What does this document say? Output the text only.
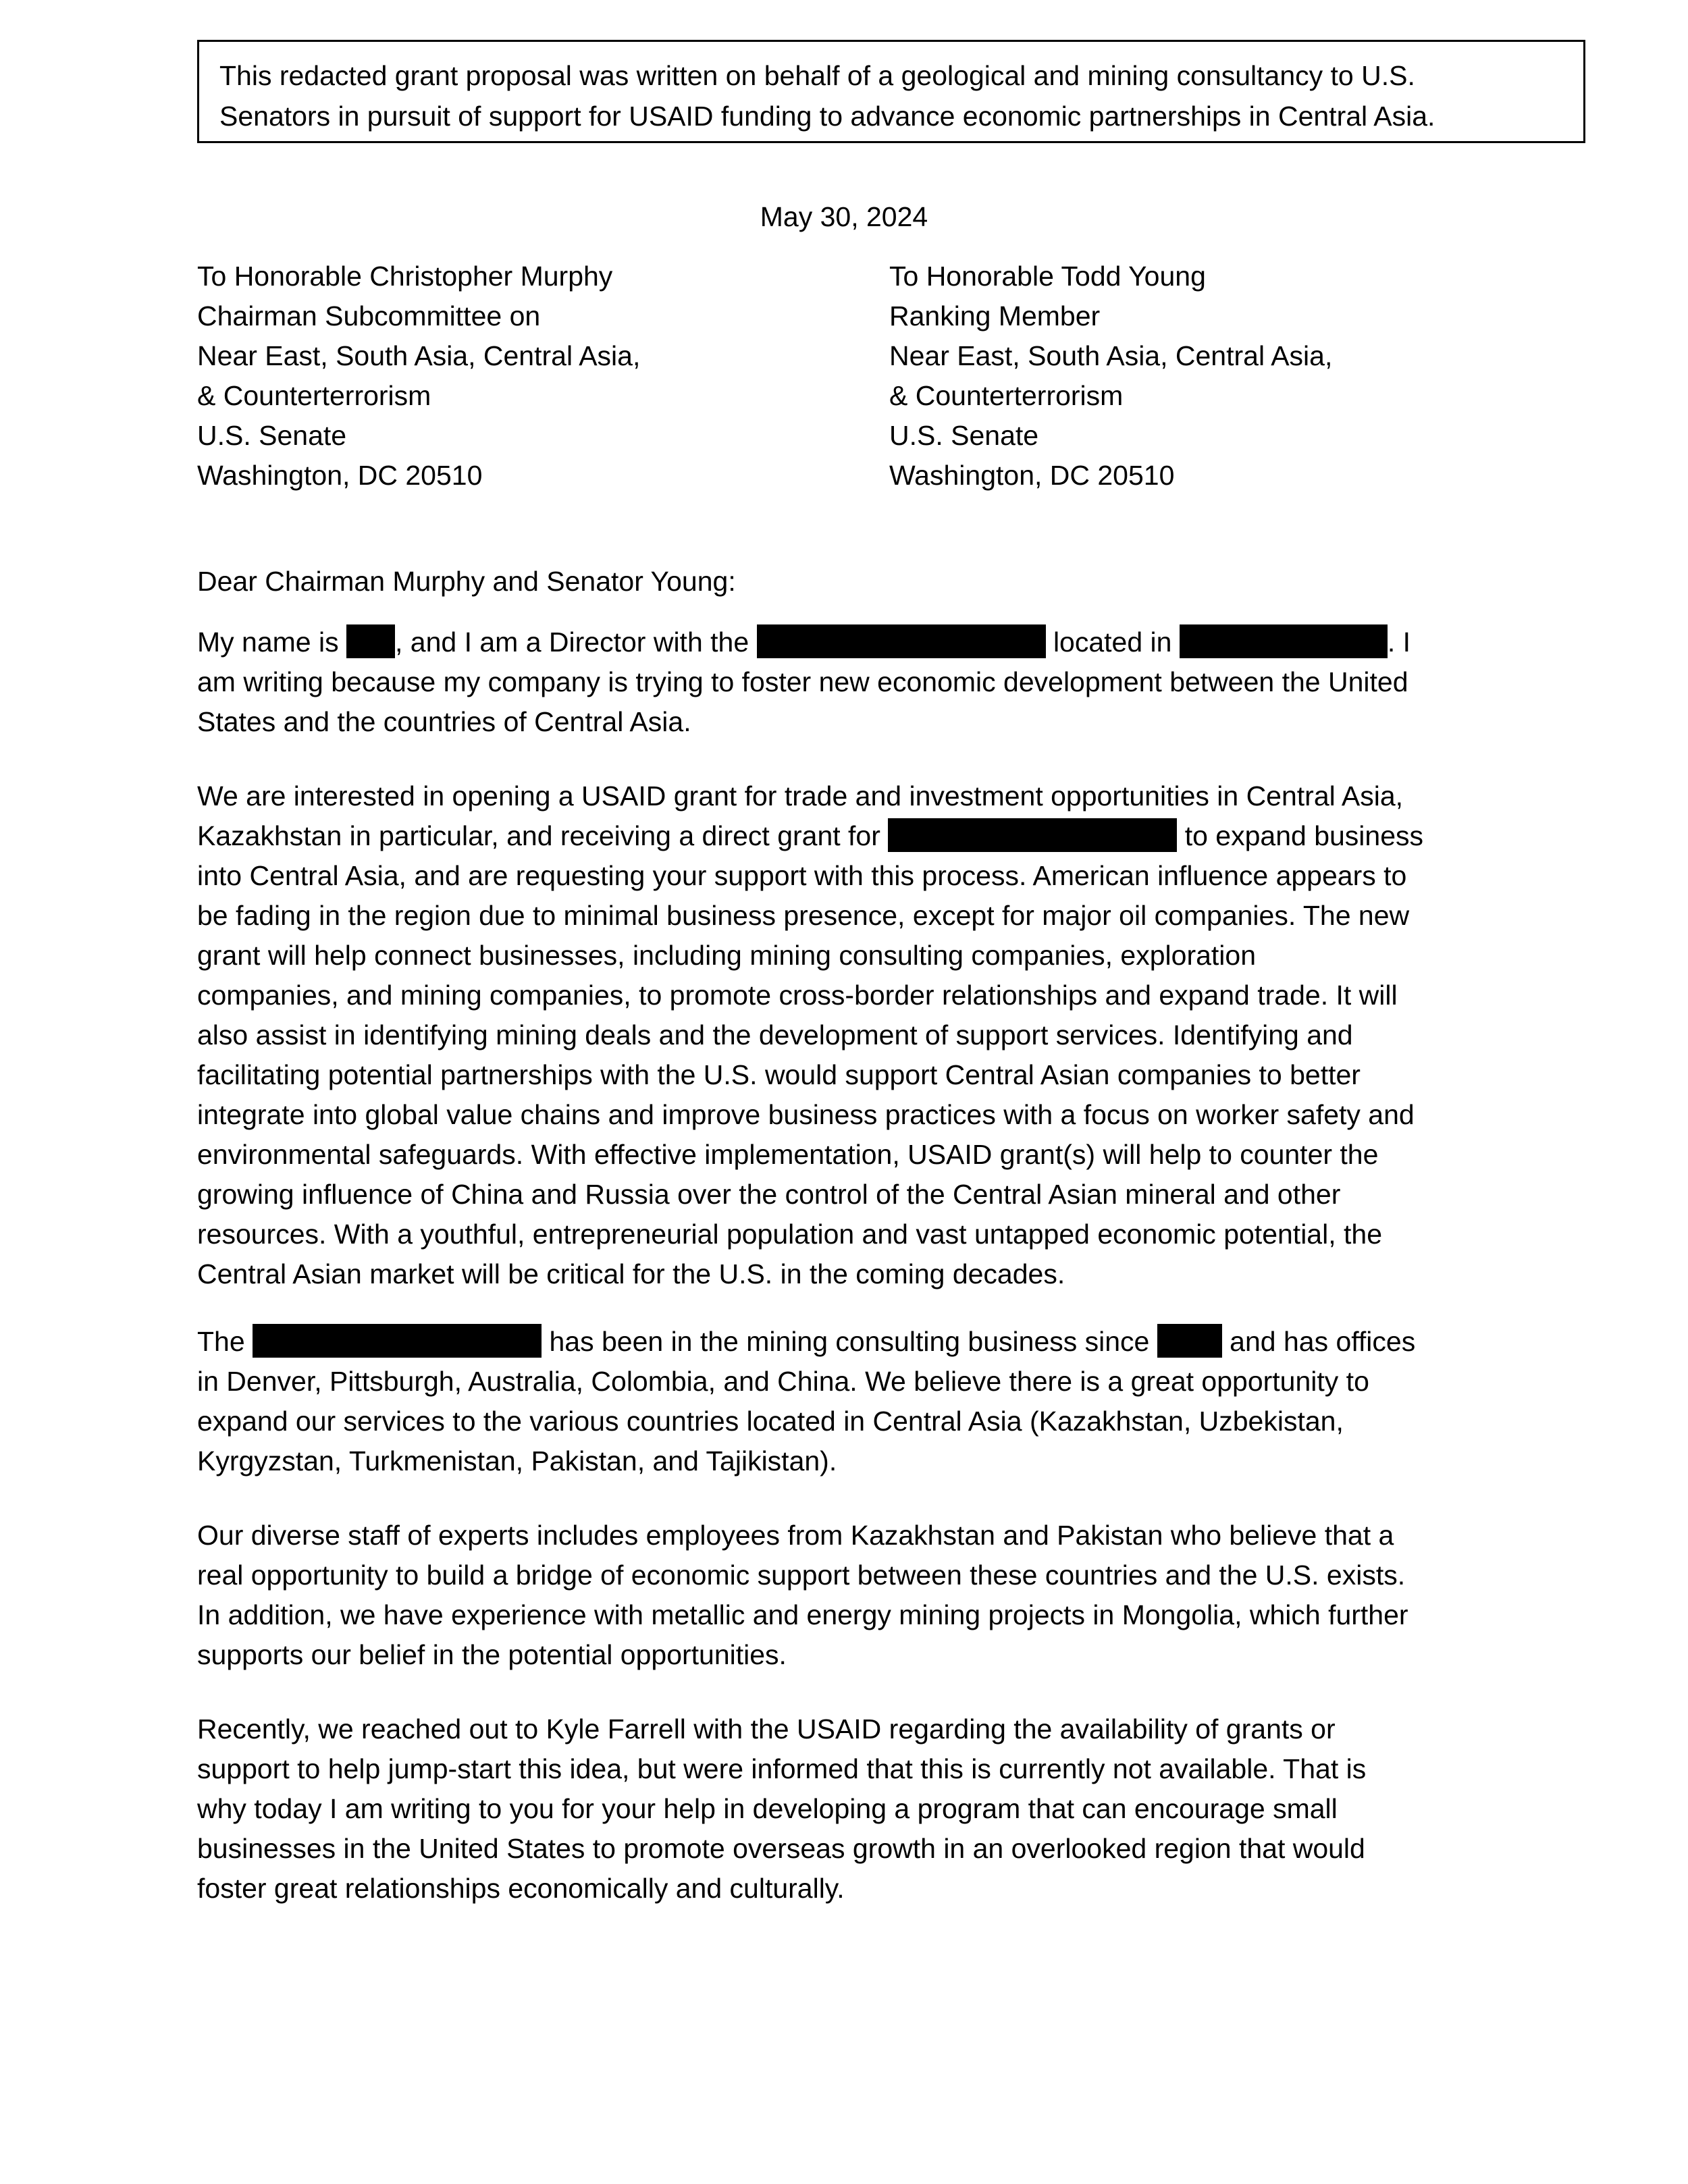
This redacted grant proposal was written on behalf of a geological and mining consultancy to U.S.
Senators in pursuit of support for USAID funding to advance economic partnerships in Central Asia.
May 30, 2024
To Honorable Christopher Murphy
Chairman Subcommittee on
Near East, South Asia, Central Asia,
& Counterterrorism
U.S. Senate
Washington, DC 20510
To Honorable Todd Young
Ranking Member
Near East, South Asia, Central Asia,
& Counterterrorism
U.S. Senate
Washington, DC 20510
Dear Chairman Murphy and Senator Young:
My name is , and I am a Director with the	located in	. I
am writing because my company is trying to foster new economic development between the United
States and the countries of Central Asia.
We are interested in opening a USAID grant for trade and investment opportunities in Central Asia,
Kazakhstan in particular, and receiving a direct grant for	to expand business
into Central Asia, and are requesting your support with this process. American influence appears to
be fading in the region due to minimal business presence, except for major oil companies. The new
grant will help connect businesses, including mining consulting companies, exploration
companies, and mining companies, to promote cross-border relationships and expand trade. It will
also assist in identifying mining deals and the development of support services. Identifying and
facilitating potential partnerships with the U.S. would support Central Asian companies to better
integrate into global value chains and improve business practices with a focus on worker safety and
environmental safeguards. With effective implementation, USAID grant(s) will help to counter the
growing influence of China and Russia over the control of the Central Asian mineral and other
resources. With a youthful, entrepreneurial population and vast untapped economic potential, the
Central Asian market will be critical for the U.S. in the coming decades.
The	has been in the mining consulting business since	and has offices
in Denver, Pittsburgh, Australia, Colombia, and China. We believe there is a great opportunity to
expand our services to the various countries located in Central Asia (Kazakhstan, Uzbekistan,
Kyrgyzstan, Turkmenistan, Pakistan, and Tajikistan).
Our diverse staff of experts includes employees from Kazakhstan and Pakistan who believe that a
real opportunity to build a bridge of economic support between these countries and the U.S. exists.
In addition, we have experience with metallic and energy mining projects in Mongolia, which further
supports our belief in the potential opportunities.
Recently, we reached out to Kyle Farrell with the USAID regarding the availability of grants or
support to help jump-start this idea, but were informed that this is currently not available. That is
why today I am writing to you for your help in developing a program that can encourage small
businesses in the United States to promote overseas growth in an overlooked region that would
foster great relationships economically and culturally.
